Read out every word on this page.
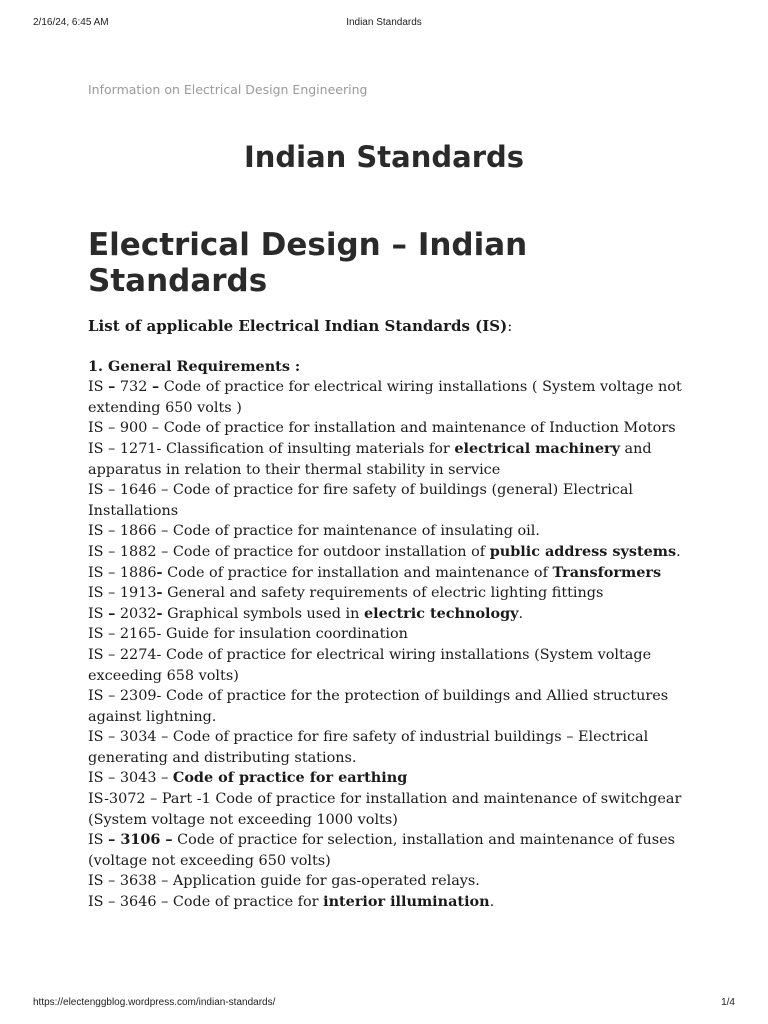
Indian Standards
2/16/24, 6:45 AM
Information on Electrical Design Engineering
Indian Standards
Electrical Design – Indian Standards

List of applicable Electrical Indian Standards (IS):

1. General Requirements :

IS – 732 – Code of practice for electrical wiring installations ( System voltage not extending 650 volts )
IS – 900 – Code of practice for installation and maintenance of Induction Motors
IS – 1271- Classification of insulting materials for electrical machinery and apparatus in relation to their thermal stability in service
IS – 1646 – Code of practice for fire safety of buildings (general) Electrical Installations
IS – 1866 – Code of practice for maintenance of insulating oil.
IS – 1882 – Code of practice for outdoor installation of public address systems.
IS – 1886- Code of practice for installation and maintenance of Transformers
IS – 1913- General and safety requirements of electric lighting fittings
IS – 2032- Graphical symbols used in electric technology.
IS – 2165- Guide for insulation coordination
IS – 2274- Code of practice for electrical wiring installations (System voltage exceeding 658 volts)
IS – 2309- Code of practice for the protection of buildings and Allied structures against lightning.
IS – 3034 – Code of practice for fire safety of industrial buildings – Electrical generating and distributing stations.
IS – 3043 – Code of practice for earthing
IS-3072 – Part -1 Code of practice for installation and maintenance of switchgear (System voltage not exceeding 1000 volts)
IS – 3106 – Code of practice for selection, installation and maintenance of fuses (voltage not exceeding 650 volts)
IS – 3638 – Application guide for gas-operated relays.
IS – 3646 – Code of practice for interior illumination.
https://electenggblog.wordpress.com/indian-standards/	1/4
